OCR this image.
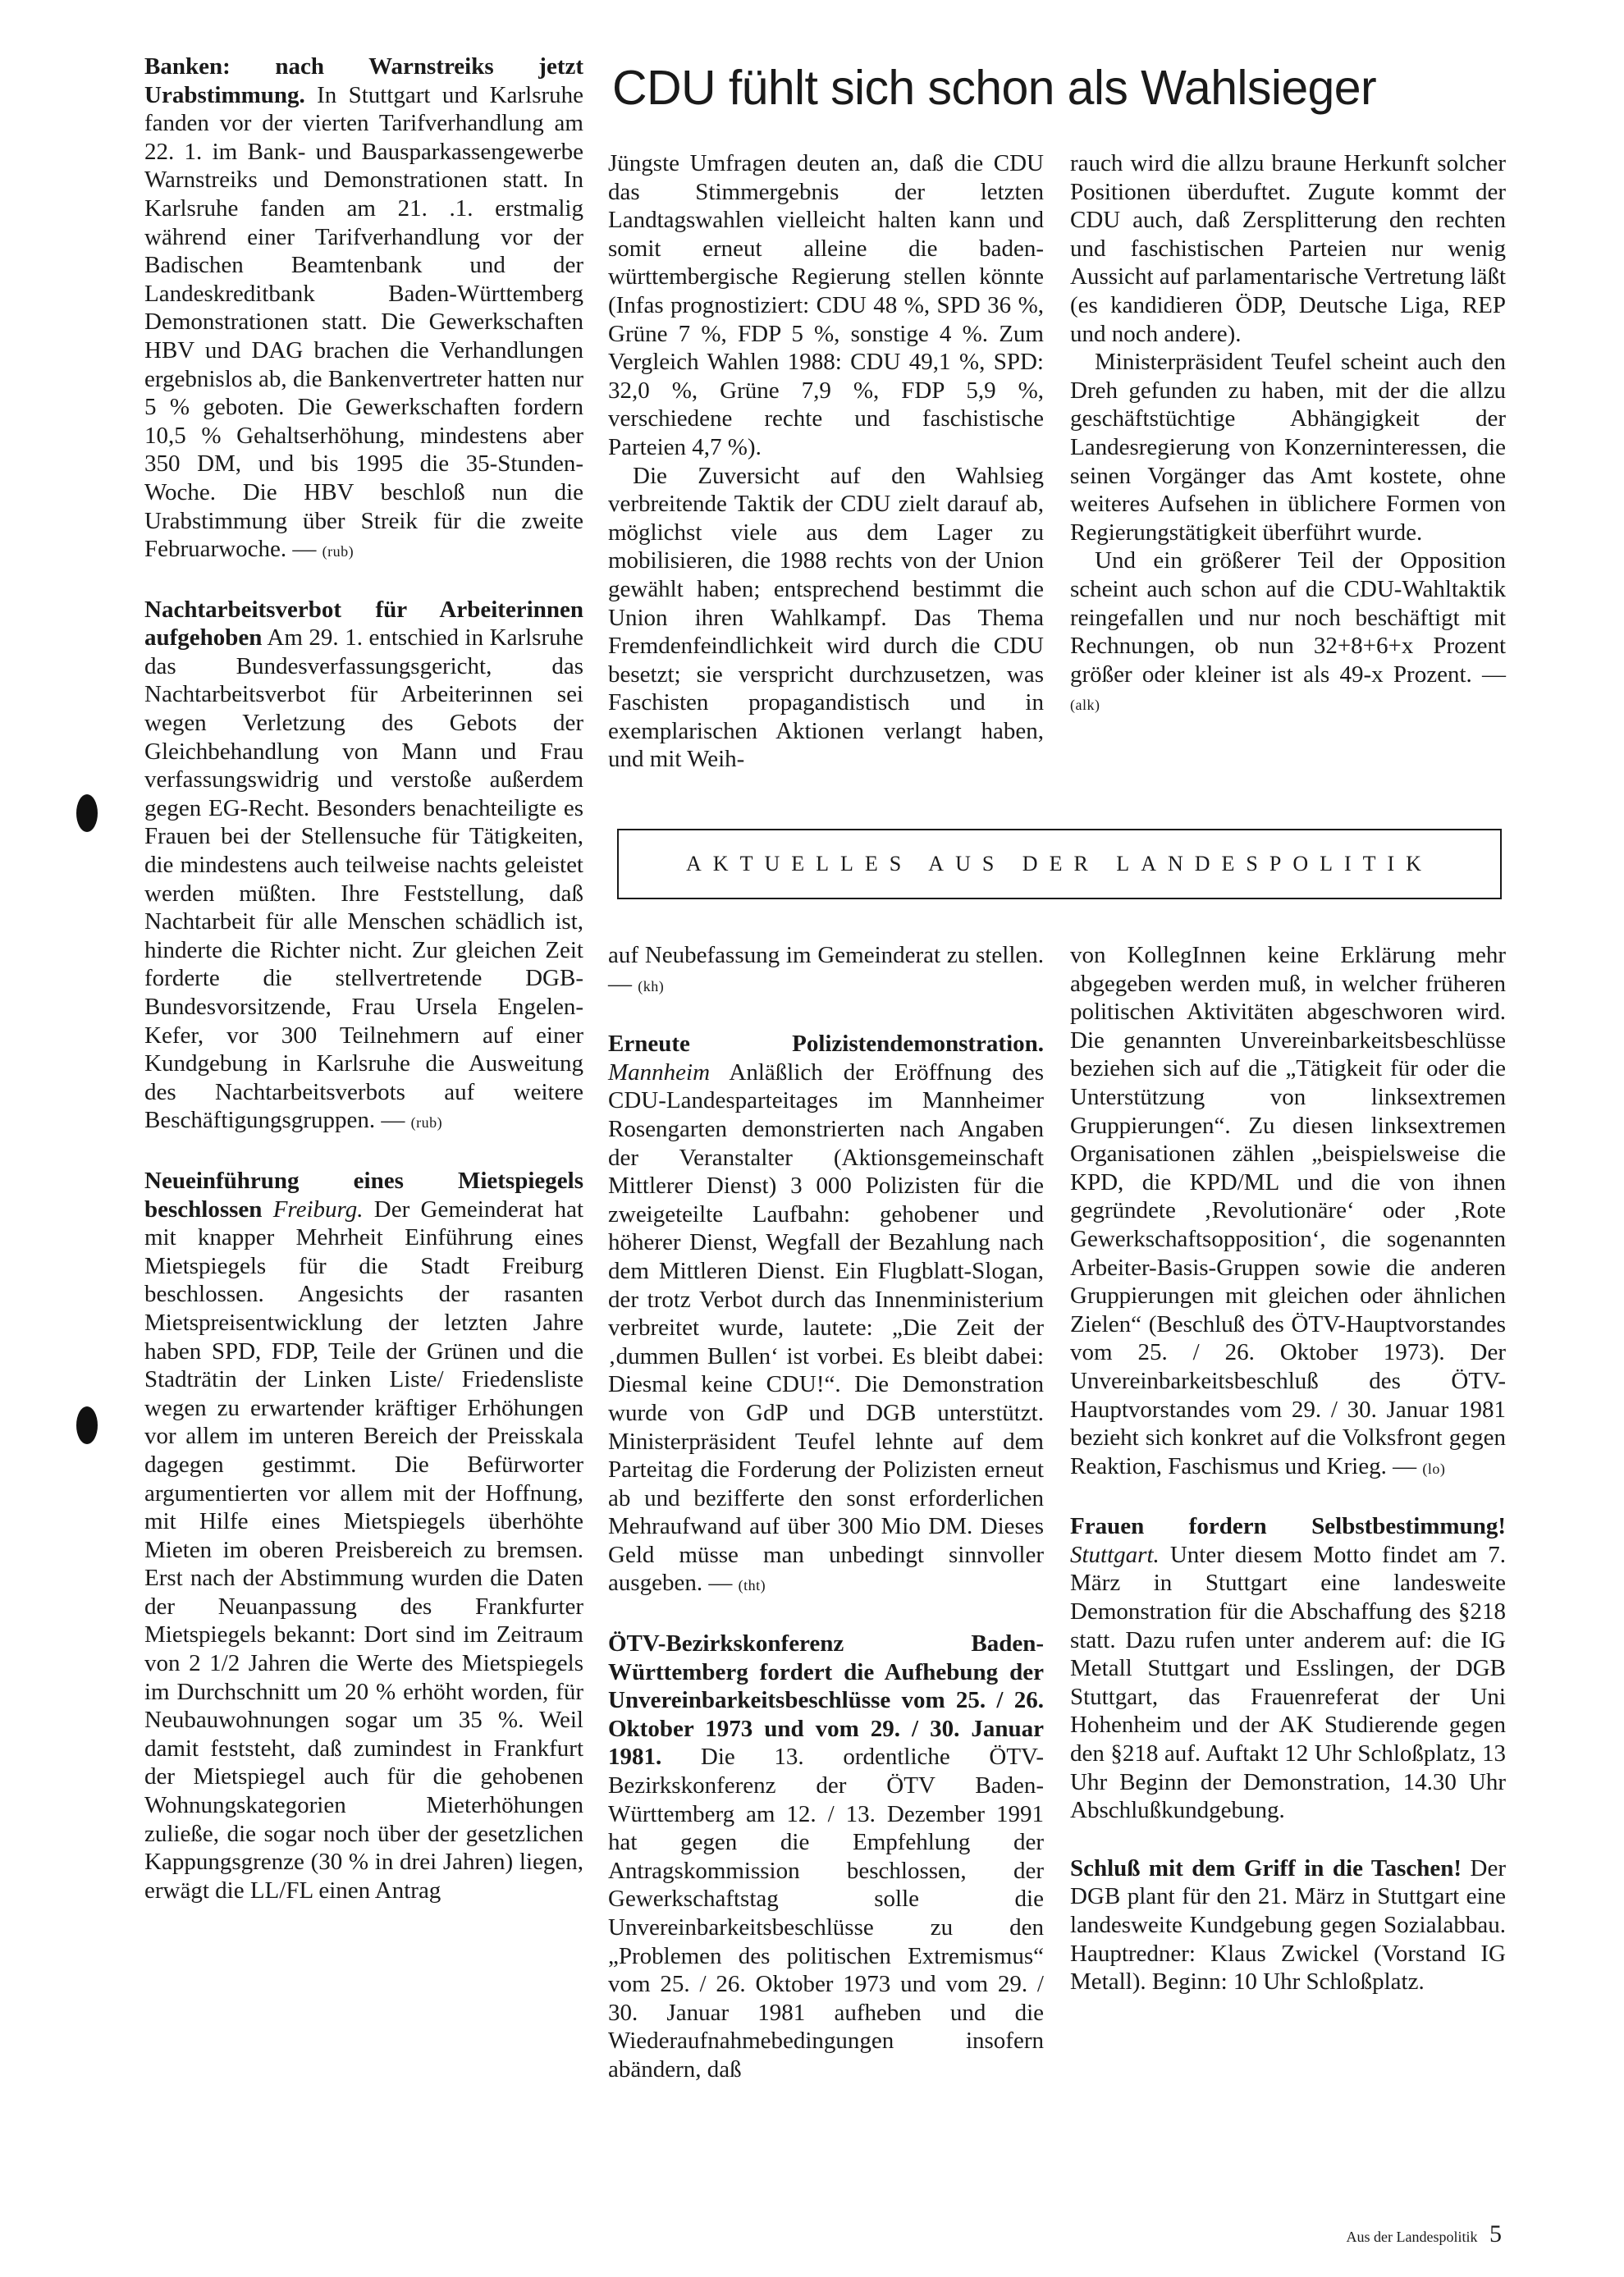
CDU fühlt sich schon als Wahlsieger

Banken: nach Warnstreiks jetzt Urabstimmung. In Stuttgart und Karlsruhe fanden vor der vierten Tarifverhandlung am 22. 1. im Bank- und Bausparkassengewerbe Warnstreiks und Demonstrationen statt. In Karlsruhe fanden am 21. .1. erstmalig während einer Tarifverhandlung vor der Badischen Beamtenbank und der Landeskreditbank Baden-Württemberg Demonstrationen statt. Die Gewerkschaften HBV und DAG brachen die Verhandlungen ergebnislos ab, die Bankenvertreter hatten nur 5 % geboten. Die Gewerkschaften fordern 10,5 % Gehaltserhöhung, mindestens aber 350 DM, und bis 1995 die 35-Stunden-Woche. Die HBV beschloß nun die Urabstimmung über Streik für die zweite Februarwoche. — (rub)

Nachtarbeitsverbot für Arbeiterinnen aufgehoben Am 29. 1. entschied in Karlsruhe das Bundesverfassungsgericht, das Nachtarbeitsverbot für Arbeiterinnen sei wegen Verletzung des Gebots der Gleichbehandlung von Mann und Frau verfassungswidrig und verstoße außerdem gegen EG-Recht. Besonders benachteiligte es Frauen bei der Stellensuche für Tätigkeiten, die mindestens auch teilweise nachts geleistet werden müßten. Ihre Feststellung, daß Nachtarbeit für alle Menschen schädlich ist, hinderte die Richter nicht. Zur gleichen Zeit forderte die stellvertretende DGB-Bundesvorsitzende, Frau Ursela Engelen-Kefer, vor 300 Teilnehmern auf einer Kundgebung in Karlsruhe die Ausweitung des Nachtarbeitsverbots auf weitere Beschäftigungsgruppen. — (rub)

Neueinführung eines Mietspiegels beschlossen Freiburg. Der Gemeinderat hat mit knapper Mehrheit Einführung eines Mietspiegels für die Stadt Freiburg beschlossen. Angesichts der rasanten Mietspreisentwicklung der letzten Jahre haben SPD, FDP, Teile der Grünen und die Stadträtin der Linken Liste/ Friedensliste wegen zu erwartender kräftiger Erhöhungen vor allem im unteren Bereich der Preisskala dagegen gestimmt. Die Befürworter argumentierten vor allem mit der Hoffnung, mit Hilfe eines Mietspiegels überhöhte Mieten im oberen Preisbereich zu bremsen. Erst nach der Abstimmung wurden die Daten der Neuanpassung des Frankfurter Mietspiegels bekannt: Dort sind im Zeitraum von 2 1/2 Jahren die Werte des Mietspiegels im Durchschnitt um 20 % erhöht worden, für Neubauwohnungen sogar um 35 %. Weil damit feststeht, daß zumindest in Frankfurt der Mietspiegel auch für die gehobenen Wohnungskategorien Mieterhöhungen zuließe, die sogar noch über der gesetzlichen Kappungsgrenze (30 % in drei Jahren) liegen, erwägt die LL/FL einen Antrag

Jüngste Umfragen deuten an, daß die CDU das Stimmergebnis der letzten Landtagswahlen vielleicht halten kann und somit erneut alleine die baden-württembergische Regierung stellen könnte (Infas prognostiziert: CDU 48 %, SPD 36 %, Grüne 7 %, FDP 5 %, sonstige 4 %. Zum Vergleich Wahlen 1988: CDU 49,1 %, SPD: 32,0 %, Grüne 7,9 %, FDP 5,9 %, verschiedene rechte und faschistische Parteien 4,7 %).

Die Zuversicht auf den Wahlsieg verbreitende Taktik der CDU zielt darauf ab, möglichst viele aus dem Lager zu mobilisieren, die 1988 rechts von der Union gewählt haben; entsprechend bestimmt die Union ihren Wahlkampf. Das Thema Fremdenfeindlichkeit wird durch die CDU besetzt; sie verspricht durchzusetzen, was Faschisten propagandistisch und in exemplarischen Aktionen verlangt haben, und mit Weih-

rauch wird die allzu braune Herkunft solcher Positionen überduftet. Zugute kommt der CDU auch, daß Zersplitterung den rechten und faschistischen Parteien nur wenig Aussicht auf parlamentarische Vertretung läßt (es kandidieren ÖDP, Deutsche Liga, REP und noch andere).

Ministerpräsident Teufel scheint auch den Dreh gefunden zu haben, mit der die allzu geschäftstüchtige Abhängigkeit der Landesregierung von Konzerninteressen, die seinen Vorgänger das Amt kostete, ohne weiteres Aufsehen in üblichere Formen von Regierungstätigkeit überführt wurde.

Und ein größerer Teil der Opposition scheint auch schon auf die CDU-Wahltaktik reingefallen und nur noch beschäftigt mit Rechnungen, ob nun 32+8+6+x Prozent größer oder kleiner ist als 49-x Prozent. — (alk)

AKTUELLES AUS DER LANDESPOLITIK

auf Neubefassung im Gemeinderat zu stellen. — (kh)

Erneute Polizistendemonstration. Mannheim Anläßlich der Eröffnung des CDU-Landesparteitages im Mannheimer Rosengarten demonstrierten nach Angaben der Veranstalter (Aktionsgemeinschaft Mittlerer Dienst) 3 000 Polizisten für die zweigeteilte Laufbahn: gehobener und höherer Dienst, Wegfall der Bezahlung nach dem Mittleren Dienst. Ein Flugblatt-Slogan, der trotz Verbot durch das Innenministerium verbreitet wurde, lautete: „Die Zeit der ‚dummen Bullen‘ ist vorbei. Es bleibt dabei: Diesmal keine CDU!“. Die Demonstration wurde von GdP und DGB unterstützt. Ministerpräsident Teufel lehnte auf dem Parteitag die Forderung der Polizisten erneut ab und bezifferte den sonst erforderlichen Mehraufwand auf über 300 Mio DM. Dieses Geld müsse man unbedingt sinnvoller ausgeben. — (tht)

ÖTV-Bezirkskonferenz Baden-Württemberg fordert die Aufhebung der Unvereinbarkeitsbeschlüsse vom 25. / 26. Oktober 1973 und vom 29. / 30. Januar 1981. Die 13. ordentliche ÖTV-Bezirkskonferenz der ÖTV Baden-Württemberg am 12. / 13. Dezember 1991 hat gegen die Empfehlung der Antragskommission beschlossen, der Gewerkschaftstag solle die Unvereinbarkeitsbeschlüsse zu den „Problemen des politischen Extremismus“ vom 25. / 26. Oktober 1973 und vom 29. / 30. Januar 1981 aufheben und die Wiederaufnahmebedingungen insofern abändern, daß

von KollegInnen keine Erklärung mehr abgegeben werden muß, in welcher früheren politischen Aktivitäten abgeschworen wird. Die genannten Unvereinbarkeitsbeschlüsse beziehen sich auf die „Tätigkeit für oder die Unterstützung von linksextremen Gruppierungen“. Zu diesen linksextremen Organisationen zählen „beispielsweise die KPD, die KPD/ML und die von ihnen gegründete ‚Revolutionäre‘ oder ‚Rote Gewerkschaftsopposition‘, die sogenannten Arbeiter-Basis-Gruppen sowie die anderen Gruppierungen mit gleichen oder ähnlichen Zielen“ (Beschluß des ÖTV-Hauptvorstandes vom 25. / 26. Oktober 1973). Der Unvereinbarkeitsbeschluß des ÖTV-Hauptvorstandes vom 29. / 30. Januar 1981 bezieht sich konkret auf die Volksfront gegen Reaktion, Faschismus und Krieg. — (lo)

Frauen fordern Selbstbestimmung! Stuttgart. Unter diesem Motto findet am 7. März in Stuttgart eine landesweite Demonstration für die Abschaffung des §218 statt. Dazu rufen unter anderem auf: die IG Metall Stuttgart und Esslingen, der DGB Stuttgart, das Frauenreferat der Uni Hohenheim und der AK Studierende gegen den §218 auf. Auftakt 12 Uhr Schloßplatz, 13 Uhr Beginn der Demonstration, 14.30 Uhr Abschlußkundgebung.

Schluß mit dem Griff in die Taschen! Der DGB plant für den 21. März in Stuttgart eine landesweite Kundgebung gegen Sozialabbau. Hauptredner: Klaus Zwickel (Vorstand IG Metall). Beginn: 10 Uhr Schloßplatz.

Aus der Landespolitik 5
